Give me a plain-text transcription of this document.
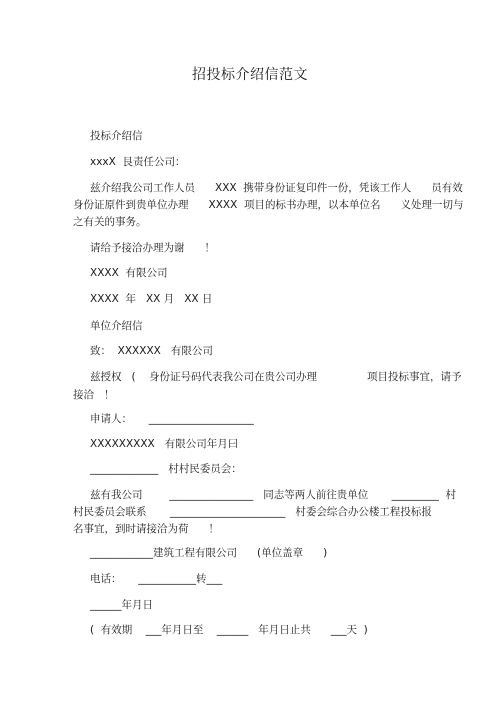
招投标介绍信范文
投标介绍信
xxxX  艮责任公司：
兹介绍我公司工作人员      XXX  携带身份证复印件一份，凭该工作人      员有效
身份证原件到贵单位办理      XXXX  项目的标书办理，以本单位名      义处理一切与
之有关的事务。
请给予接洽办理为谢      ！
XXXX  有限公司
XXXX  年   XX 月   XX 日
单位介绍信
致：  XXXXXX   有限公司
兹授权   (    身份证号码代表我公司在贵公司办理               项目投标事宜，请予
接洽   ！
申请人：     ____________________
XXXXXXXXX   有限公司年月曰
_____________   村村民委员会：
兹有我公司        ________________   同志等两人前往贵单位       _________  村
村民委员会联系       ______________________   村委会综合办公楼工程投标报
名事宜，到时请接洽为荷      ！
____________建筑工程有限公司      (单位盖章      )
电话：     ___________转___
______年月日
(  有效期    ___年月日至    ______   年月日止共      ___天  )
